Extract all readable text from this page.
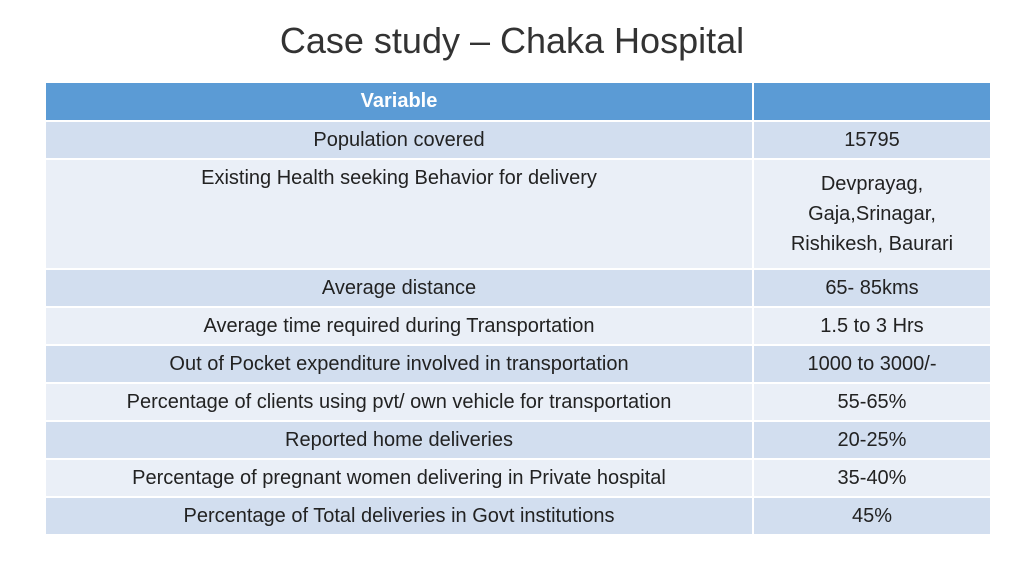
Case study – Chaka Hospital
Variable	
Population covered	15795
Existing Health seeking Behavior for delivery	Devprayag,
Gaja,Srinagar,
Rishikesh, Baurari

Average distance	65- 85kms
Average time required during Transportation	1.5 to 3 Hrs
Out of Pocket expenditure involved in transportation	1000 to 3000/-
Percentage of clients using pvt/ own vehicle for transportation	55-65%
Reported home deliveries	20-25%
Percentage of pregnant women delivering in Private hospital	35-40%
Percentage of Total deliveries in Govt institutions	45%
